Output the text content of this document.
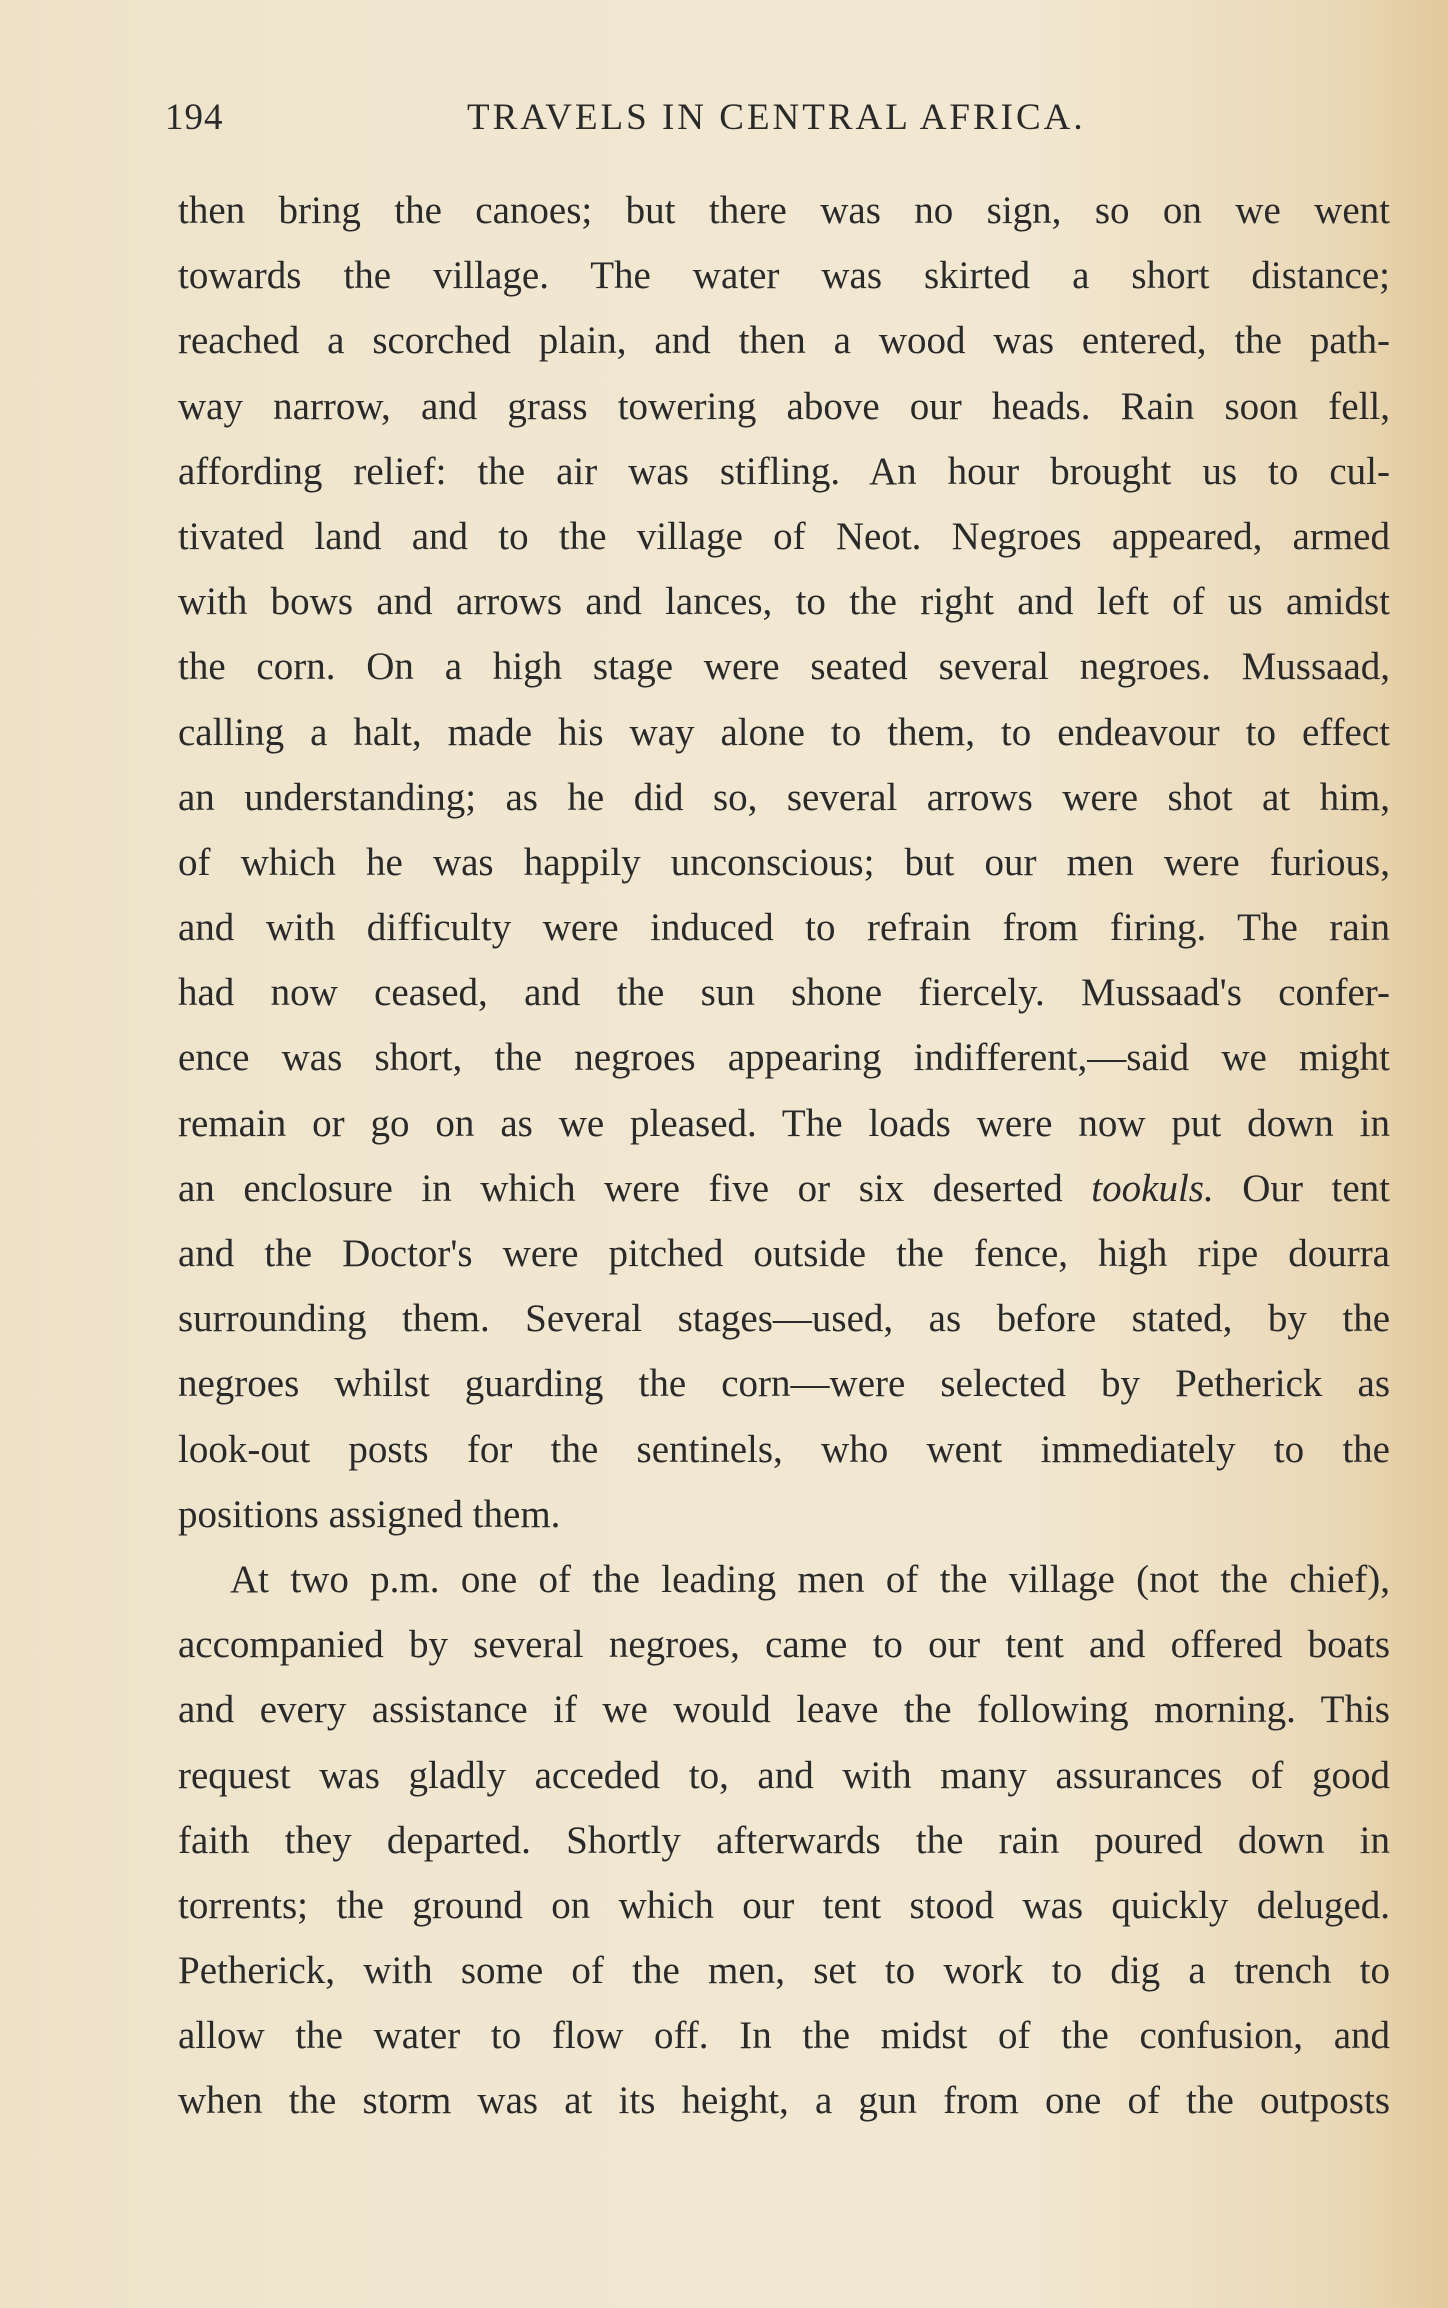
194	TRAVELS IN CENTRAL AFRICA.
then bring the canoes; but there was no sign, so on we went
towards the village. The water was skirted a short distance;
reached a scorched plain, and then a wood was entered, the path-
way narrow, and grass towering above our heads. Rain soon fell,
affording relief: the air was stifling. An hour brought us to cul-
tivated land and to the village of Neot. Negroes appeared, armed
with bows and arrows and lances, to the right and left of us amidst
the corn. On a high stage were seated several negroes. Mussaad,
calling a halt, made his way alone to them, to endeavour to effect
an understanding; as he did so, several arrows were shot at him,
of which he was happily unconscious; but our men were furious,
and with difficulty were induced to refrain from firing. The rain
had now ceased, and the sun shone fiercely. Mussaad's confer-
ence was short, the negroes appearing indifferent,—said we might
remain or go on as we pleased. The loads were now put down in
an enclosure in which were five or six deserted tookuls. Our tent
and the Doctor's were pitched outside the fence, high ripe dourra
surrounding them. Several stages—used, as before stated, by the
negroes whilst guarding the corn—were selected by Petherick as
look-out posts for the sentinels, who went immediately to the
positions assigned them.
At two p.m. one of the leading men of the village (not the chief),
accompanied by several negroes, came to our tent and offered boats
and every assistance if we would leave the following morning. This
request was gladly acceded to, and with many assurances of good
faith they departed. Shortly afterwards the rain poured down in
torrents; the ground on which our tent stood was quickly deluged.
Petherick, with some of the men, set to work to dig a trench to
allow the water to flow off. In the midst of the confusion, and
when the storm was at its height, a gun from one of the outposts
